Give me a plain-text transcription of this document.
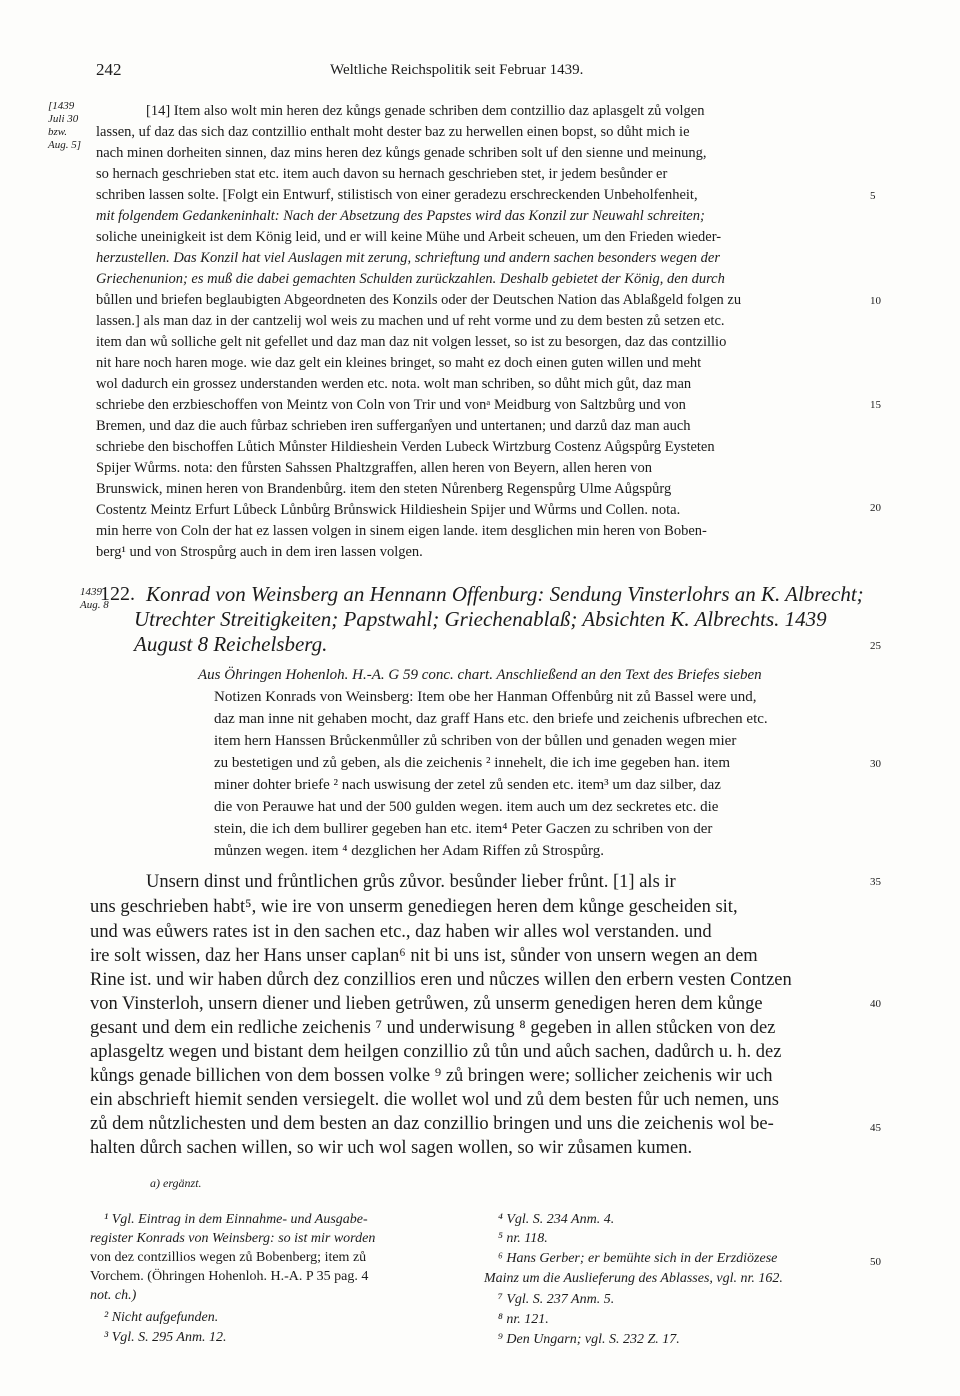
242	Weltliche Reichspolitik seit Februar 1439.
[1439
Juli 30
bzw.
Aug. 5]
1439
Aug. 8
5
10
15
20
25
30
35
40
45
50
[14] Item also wolt min heren dez kůngs genade schriben dem contzillio daz aplasgelt zů volgen
lassen, uf daz das sich daz contzillio enthalt moht dester baz zu herwellen einen bopst, so důht mich ie
nach minen dorheiten sinnen, daz mins heren dez kůngs genade schriben solt uf den sienne und meinung,
so hernach geschrieben stat etc. item auch davon su hernach geschrieben stet, ir jedem besůnder er
schriben lassen solte. [Folgt ein Entwurf, stilistisch von einer geradezu erschreckenden Unbeholfenheit,
mit folgendem Gedankeninhalt: Nach der Absetzung des Papstes wird das Konzil zur Neuwahl schreiten;
soliche uneinigkeit ist dem König leid, und er will keine Mühe und Arbeit scheuen, um den Frieden wieder-
herzustellen. Das Konzil hat viel Auslagen mit zerung, schrieftung und andern sachen besonders wegen der
Griechenunion; es muß die dabei gemachten Schulden zurückzahlen. Deshalb gebietet der König, den durch
bůllen und briefen beglaubigten Abgeordneten des Konzils oder der Deutschen Nation das Ablaßgeld folgen zu
lassen.] als man daz in der cantzelij wol weis zu machen und uf reht vorme und zu dem besten zů setzen etc.
item dan wů solliche gelt nit gefellet und daz man daz nit volgen lesset, so ist zu besorgen, daz das contzillio
nit hare noch haren moge. wie daz gelt ein kleines bringet, so maht ez doch einen guten willen und meht
wol dadurch ein grossez understanden werden etc. nota. wolt man schriben, so důht mich gůt, daz man
schriebe den erzbieschoffen von Meintz von Coln von Trir und vonᵃ Meidburg von Saltzbůrg und von
Bremen, und daz die auch fůrbaz schrieben iren suffergan̊yen und untertanen; und darzů daz man auch
schriebe den bischoffen Lůtich Můnster Hildieshein Verden Lubeck Wirtzburg Costenz Aůgspůrg Eysteten
Spijer Wůrms. nota: den fůrsten Sahssen Phaltzgraffen, allen heren von Beyern, allen heren von
Brunswick, minen heren von Brandenbůrg. item den steten Nůrenberg Regenspůrg Ulme Aůgspůrg
Costentz Meintz Erfurt Lůbeck Lůnbůrg Brůnswick Hildieshein Spijer und Wůrms und Collen. nota.
min herre von Coln der hat ez lassen volgen in sinem eigen lande. item desglichen min heren von Boben-
berg¹ und von Strospůrg auch in dem iren lassen volgen.
122. Konrad von Weinsberg an Hennann Offenburg: Sendung Vinsterlohrs an K. Albrecht;
Utrechter Streitigkeiten; Papstwahl; Griechenablaß; Absichten K. Albrechts. 1439
August 8 Reichelsberg.
Aus Öhringen Hohenloh. H.-A. G 59 conc. chart. Anschließend an den Text des Briefes sieben
Notizen Konrads von Weinsberg: Item obe her Hanman Offenbůrg nit zů Bassel were und,
daz man inne nit gehaben mocht, daz graff Hans etc. den briefe und zeichenis ufbrechen etc.
item hern Hanssen Brůckenmůller zů schriben von der bůllen und genaden wegen mier
zu bestetigen und zů geben, als die zeichenis ² innehelt, die ich ime gegeben han. item
miner dohter briefe ² nach uswisung der zetel zů senden etc. item³ um daz silber, daz
die von Perauwe hat und der 500 gulden wegen. item auch um dez seckretes etc. die
stein, die ich dem bullirer gegeben han etc. item⁴ Peter Gaczen zu schriben von der
můnzen wegen. item ⁴ dezglichen her Adam Riffen zů Strospůrg.
Unsern dinst und frůntlichen grůs zůvor. besůnder lieber frůnt. [1] als ir
uns geschrieben habt⁵, wie ire von unserm genediegen heren dem kůnge gescheiden sit,
und was eůwers rates ist in den sachen etc., daz haben wir alles wol verstanden. und
ire solt wissen, daz her Hans unser caplan⁶ nit bi uns ist, sůnder von unsern wegen an dem
Rine ist. und wir haben důrch dez conzillios eren und nůczes willen den erbern vesten Contzen
von Vinsterloh, unsern diener und lieben getrůwen, zů unserm genedigen heren dem kůnge
gesant und dem ein redliche zeichenis ⁷ und underwisung ⁸ gegeben in allen stůcken von dez
aplasgeltz wegen und bistant dem heilgen conzillio zů tůn und aůch sachen, dadůrch u. h. dez
kůngs genade billichen von dem bossen volke ⁹ zů bringen were; sollicher zeichenis wir uch
ein abschrieft hiemit senden versiegelt. die wollet wol und zů dem besten fůr uch nemen, uns
zů dem nůtzlichesten und dem besten an daz conzillio bringen und uns die zeichenis wol be-
halten důrch sachen willen, so wir uch wol sagen wollen, so wir zůsamen kumen.
a) ergänzt.
¹ Vgl. Eintrag in dem Einnahme- und Ausgabe-
register Konrads von Weinsberg: so ist mir worden
von dez contzillios wegen zů Bobenberg; item zů
Vorchem. (Öhringen Hohenloh. H.-A. P 35 pag. 4
not. ch.)
² Nicht aufgefunden.
³ Vgl. S. 295 Anm. 12.
⁴ Vgl. S. 234 Anm. 4.
⁵ nr. 118.
⁶ Hans Gerber; er bemühte sich in der Erzdiözese
Mainz um die Auslieferung des Ablasses, vgl. nr. 162.
⁷ Vgl. S. 237 Anm. 5.
⁸ nr. 121.
⁹ Den Ungarn; vgl. S. 232 Z. 17.
